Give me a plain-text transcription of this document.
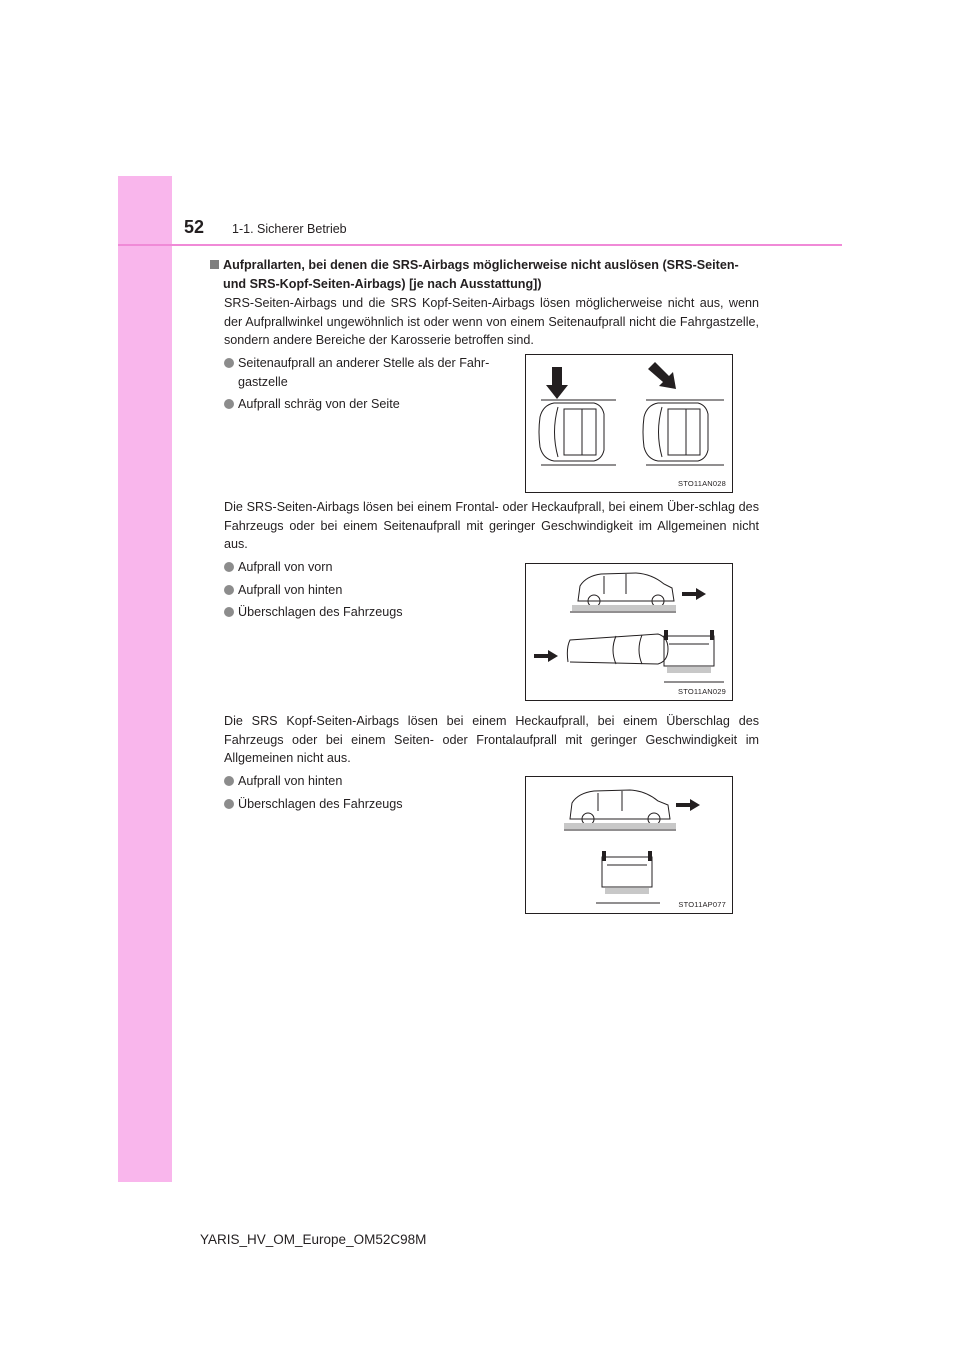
52 1-1. Sicherer Betrieb
Aufprallarten, bei denen die SRS-Airbags möglicherweise nicht auslösen (SRS-Seiten- und SRS-Kopf-Seiten-Airbags) [je nach Ausstattung])
SRS-Seiten-Airbags und die SRS Kopf-Seiten-Airbags lösen möglicherweise nicht aus, wenn der Aufprallwinkel ungewöhnlich ist oder wenn von einem Seitenaufprall nicht die Fahrgastzelle, sondern andere Bereiche der Karosserie betroffen sind.
Seitenaufprall an anderer Stelle als der Fahr-gastzelle
Aufprall schräg von der Seite
STO11AN028
Die SRS-Seiten-Airbags lösen bei einem Frontal- oder Heckaufprall, bei einem Über-schlag des Fahrzeugs oder bei einem Seitenaufprall mit geringer Geschwindigkeit im Allgemeinen nicht aus.
Aufprall von vorn
Aufprall von hinten
Überschlagen des Fahrzeugs
STO11AN029
Die SRS Kopf-Seiten-Airbags lösen bei einem Heckaufprall, bei einem Überschlag des Fahrzeugs oder bei einem Seiten- oder Frontalaufprall mit geringer Geschwindigkeit im Allgemeinen nicht aus.
Aufprall von hinten
Überschlagen des Fahrzeugs
STO11AP077
YARIS_HV_OM_Europe_OM52C98M
